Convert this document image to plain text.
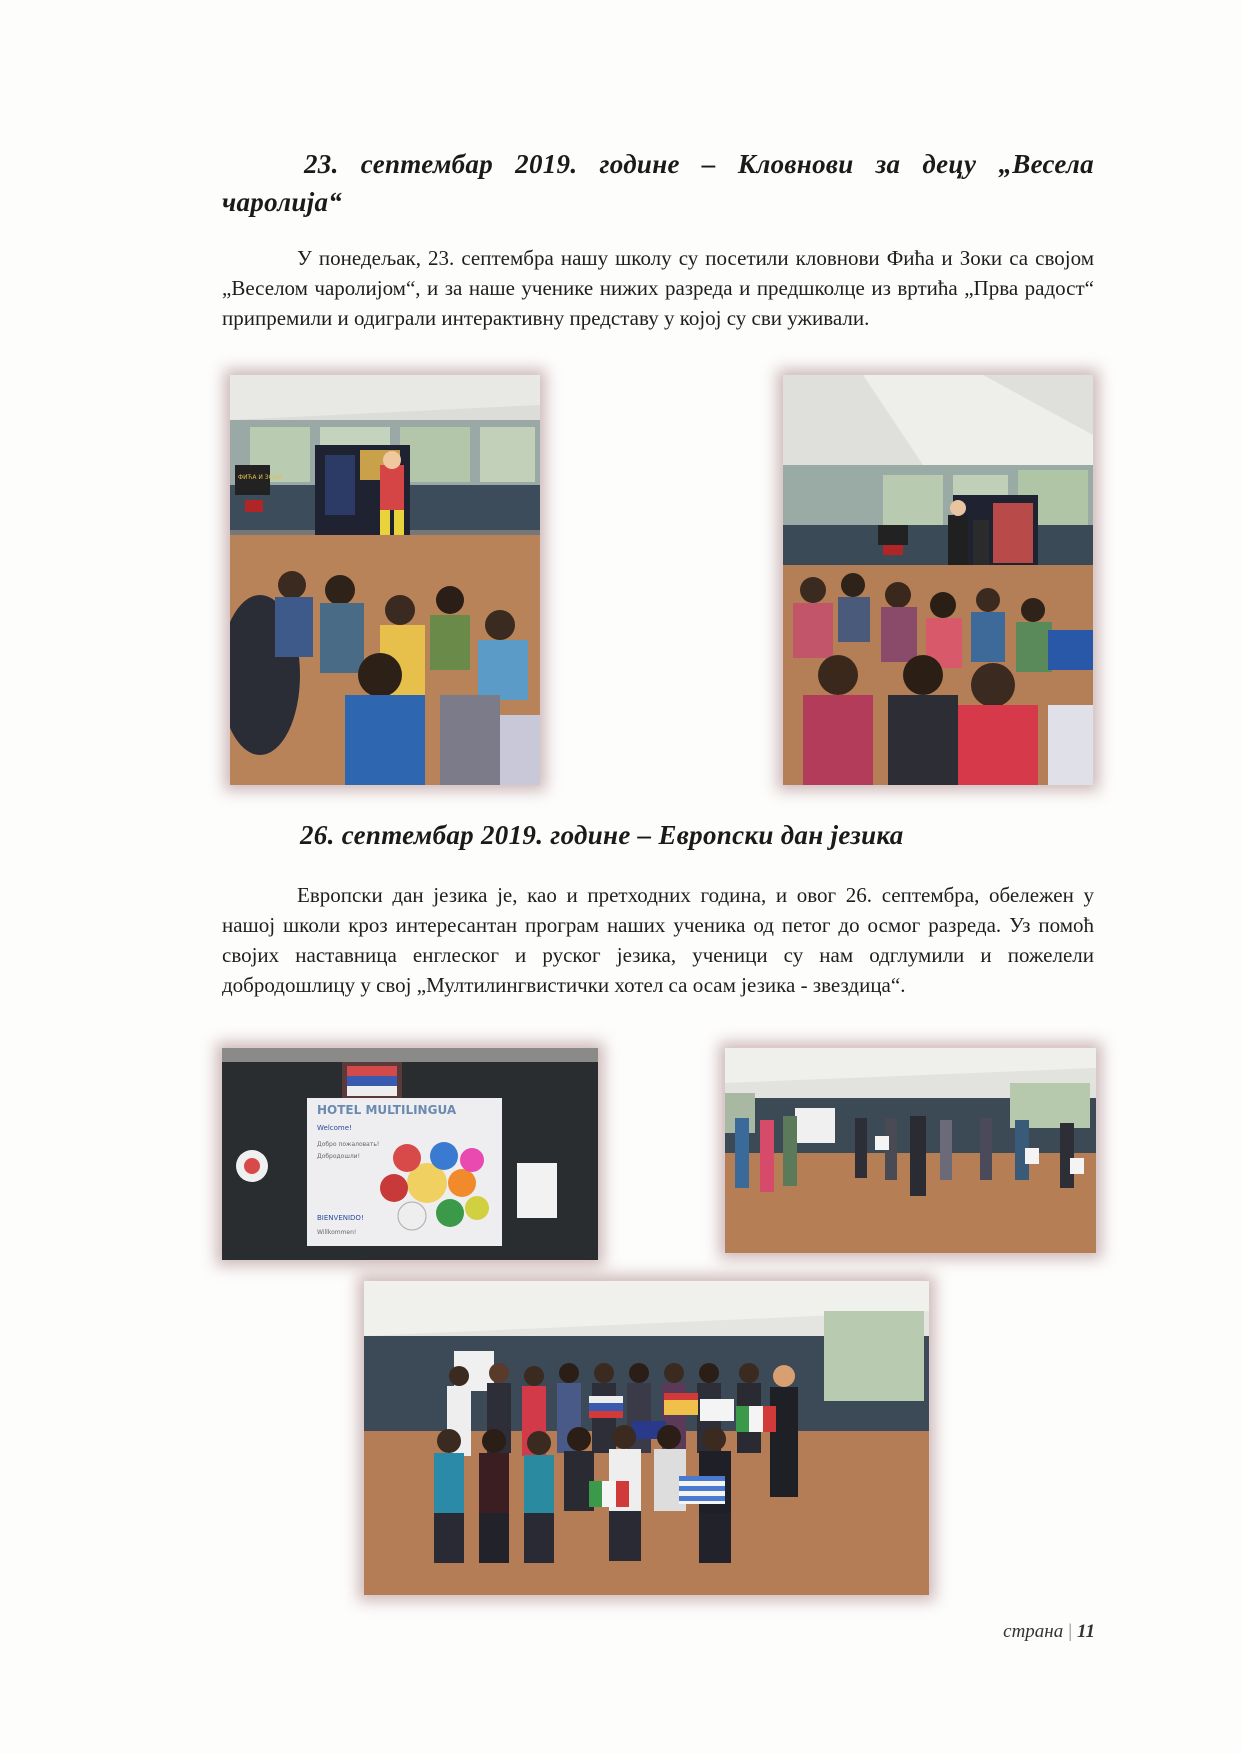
23. септембар 2019. године – Кловнови за децу „Весела чаролија“
У понедељак, 23. септембра нашу школу су посетили кловнови Фића и Зоки са својом „Веселом чаролијом“, и за наше ученике нижих разреда и предшколце из вртића „Прва радост“ припремили и одиграли интерактивну представу у којој су сви уживали.
ФИЋА И ЗОКИ
26. септембар 2019. године – Европски дан језика
Европски дан језика је, као и претходних година, и овог 26. септембра, обележен у нашој школи кроз интересантан програм наших ученика од петог до осмог разреда. Уз помоћ својих наставница енглеског и руског језика, ученици су нам одглумили и пожелели добродошлицу у свој „Мултилингвистички хотел са осам језика - звездица“.
HOTEL MULTILINGUA
Welcome!
Добро пожаловать!
Добродошли!
BIENVENIDO!
Willkommen!
страна | 11
